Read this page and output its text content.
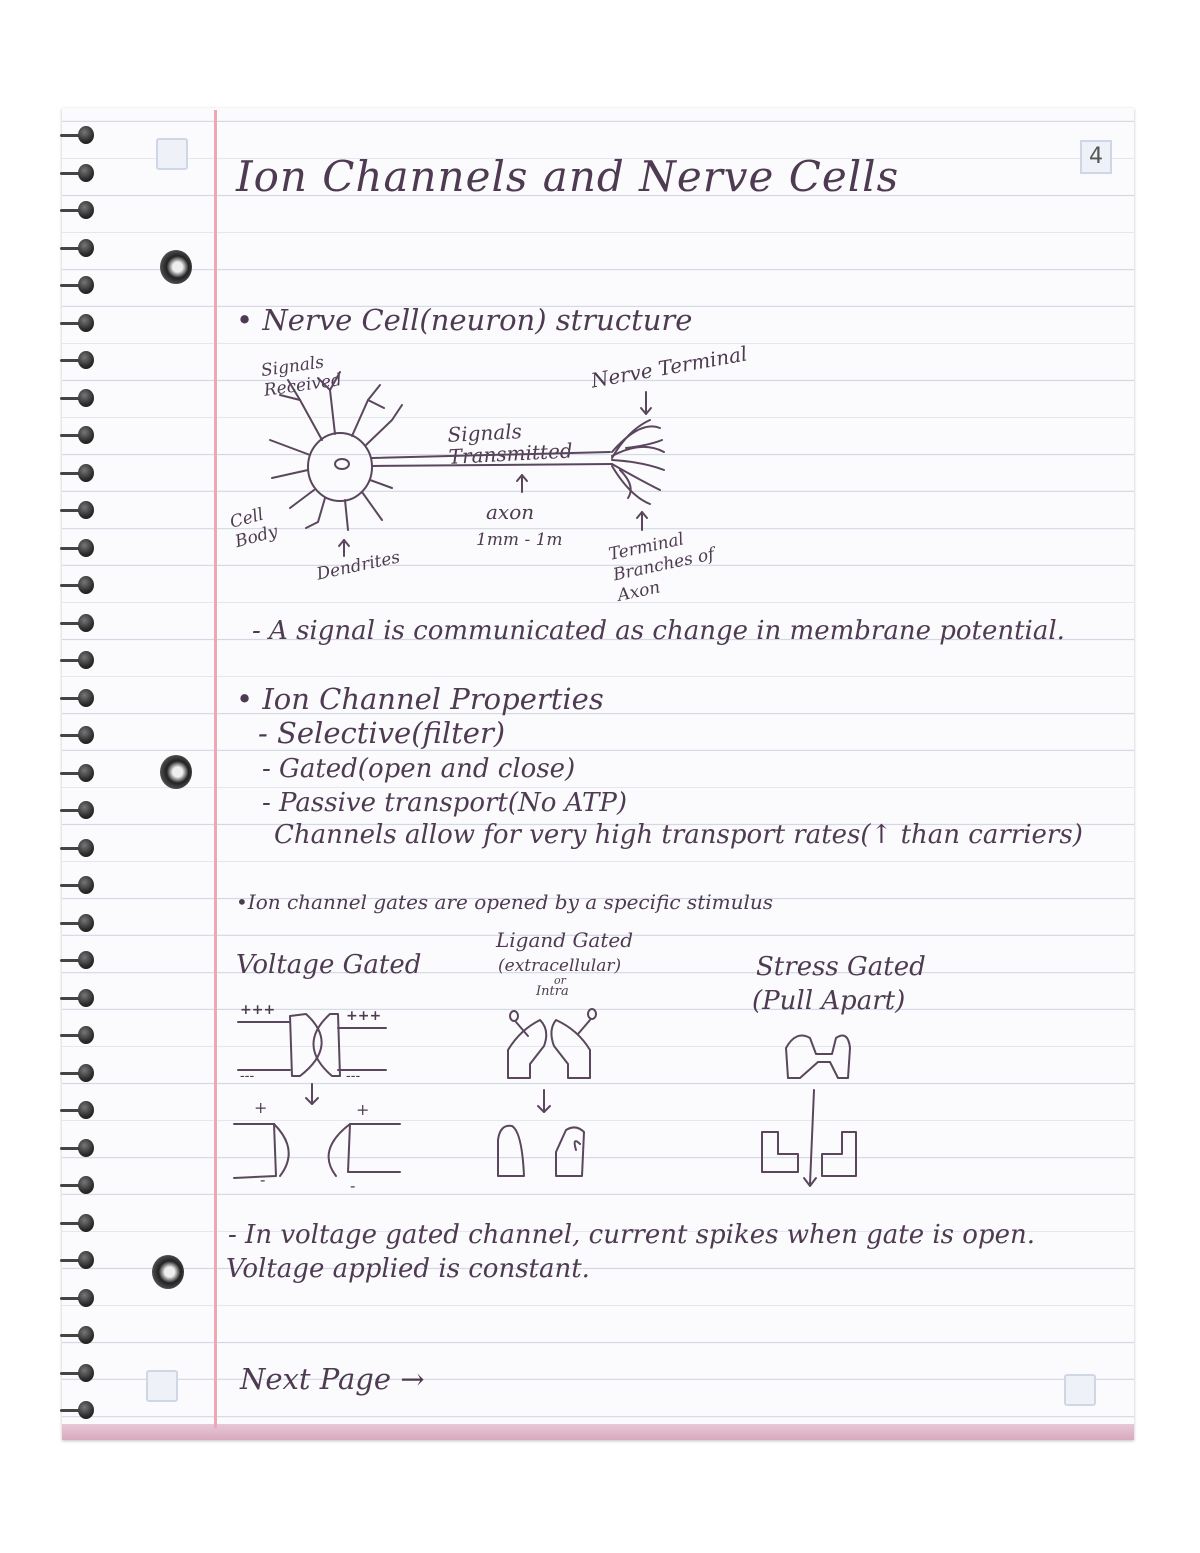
4
Ion Channels and Nerve Cells
• Nerve Cell(neuron) structure
Signals Received	Nerve Terminal
Signals Transmitted
axon
1mm - 1m
Cell Body
Dendrites
Terminal Branches of Axon
- A signal is communicated as change in membrane potential.
• Ion Channel Properties
- Selective(filter)
- Gated(open and close)
- Passive transport(No ATP)
Channels allow for very high transport rates(↑ than carriers)
•Ion channel gates are opened by a specific stimulus
Voltage Gated
Ligand Gated
(extracellular)
or
Intra
Stress Gated
(Pull Apart)
+++	+++
---	---
+	+
-	-
- In voltage gated channel, current spikes when gate is open.
Voltage applied is constant.
Next Page →
